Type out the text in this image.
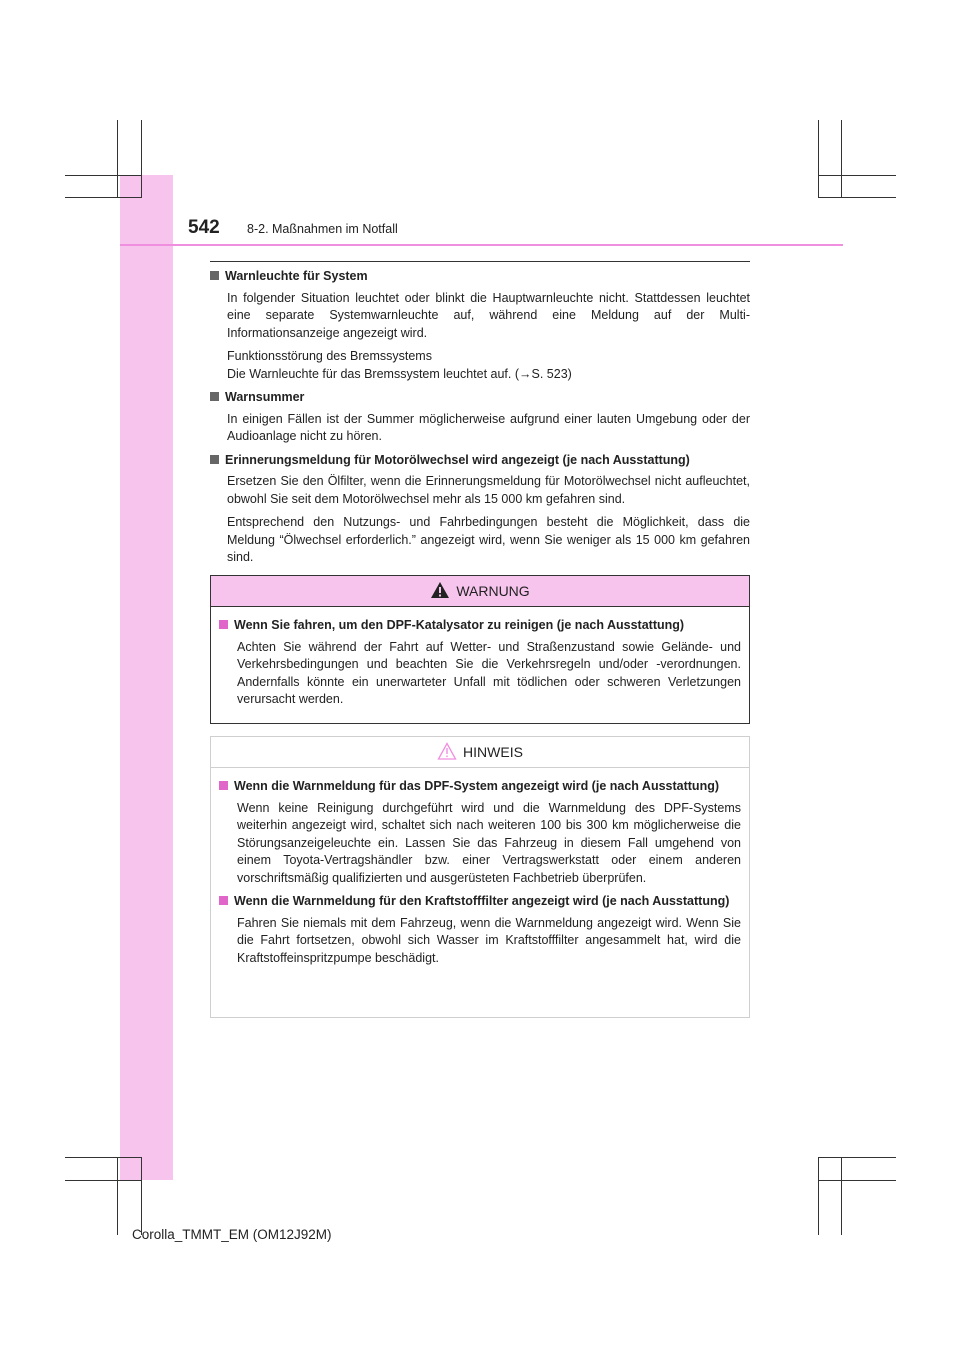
542 8-2. Maßnahmen im Notfall

Warnleuchte für System

In folgender Situation leuchtet oder blinkt die Hauptwarnleuchte nicht. Stattdessen leuchtet eine separate Systemwarnleuchte auf, während eine Meldung auf der Multi-Informationsanzeige angezeigt wird.

Funktionsstörung des Bremssystems

Die Warnleuchte für das Bremssystem leuchtet auf. (→S. 523)

Warnsummer

In einigen Fällen ist der Summer möglicherweise aufgrund einer lauten Umgebung oder der Audioanlage nicht zu hören.

Erinnerungsmeldung für Motorölwechsel wird angezeigt (je nach Ausstattung)

Ersetzen Sie den Ölfilter, wenn die Erinnerungsmeldung für Motorölwechsel nicht aufleuchtet, obwohl Sie seit dem Motorölwechsel mehr als 15 000 km gefahren sind.

Entsprechend den Nutzungs- und Fahrbedingungen besteht die Möglichkeit, dass die Meldung “Ölwechsel erforderlich.” angezeigt wird, wenn Sie weniger als 15 000 km gefahren sind.

WARNUNG

Wenn Sie fahren, um den DPF-Katalysator zu reinigen (je nach Ausstattung)

Achten Sie während der Fahrt auf Wetter- und Straßenzustand sowie Gelände- und Verkehrsbedingungen und beachten Sie die Verkehrsregeln und/oder -verordnungen. Andernfalls könnte ein unerwarteter Unfall mit tödlichen oder schweren Verletzungen verursacht werden.

HINWEIS

Wenn die Warnmeldung für das DPF-System angezeigt wird (je nach Ausstattung)

Wenn keine Reinigung durchgeführt wird und die Warnmeldung des DPF-Systems weiterhin angezeigt wird, schaltet sich nach weiteren 100 bis 300 km möglicherweise die Störungsanzeigeleuchte ein. Lassen Sie das Fahrzeug in diesem Fall umgehend von einem Toyota-Vertragshändler bzw. einer Vertragswerkstatt oder einem anderen vorschriftsmäßig qualifizierten und ausgerüsteten Fachbetrieb überprüfen.

Wenn die Warnmeldung für den Kraftstofffilter angezeigt wird (je nach Ausstattung)

Fahren Sie niemals mit dem Fahrzeug, wenn die Warnmeldung angezeigt wird. Wenn Sie die Fahrt fortsetzen, obwohl sich Wasser im Kraftstofffilter angesammelt hat, wird die Kraftstoffeinspritzpumpe beschädigt.

Corolla_TMMT_EM (OM12J92M)
